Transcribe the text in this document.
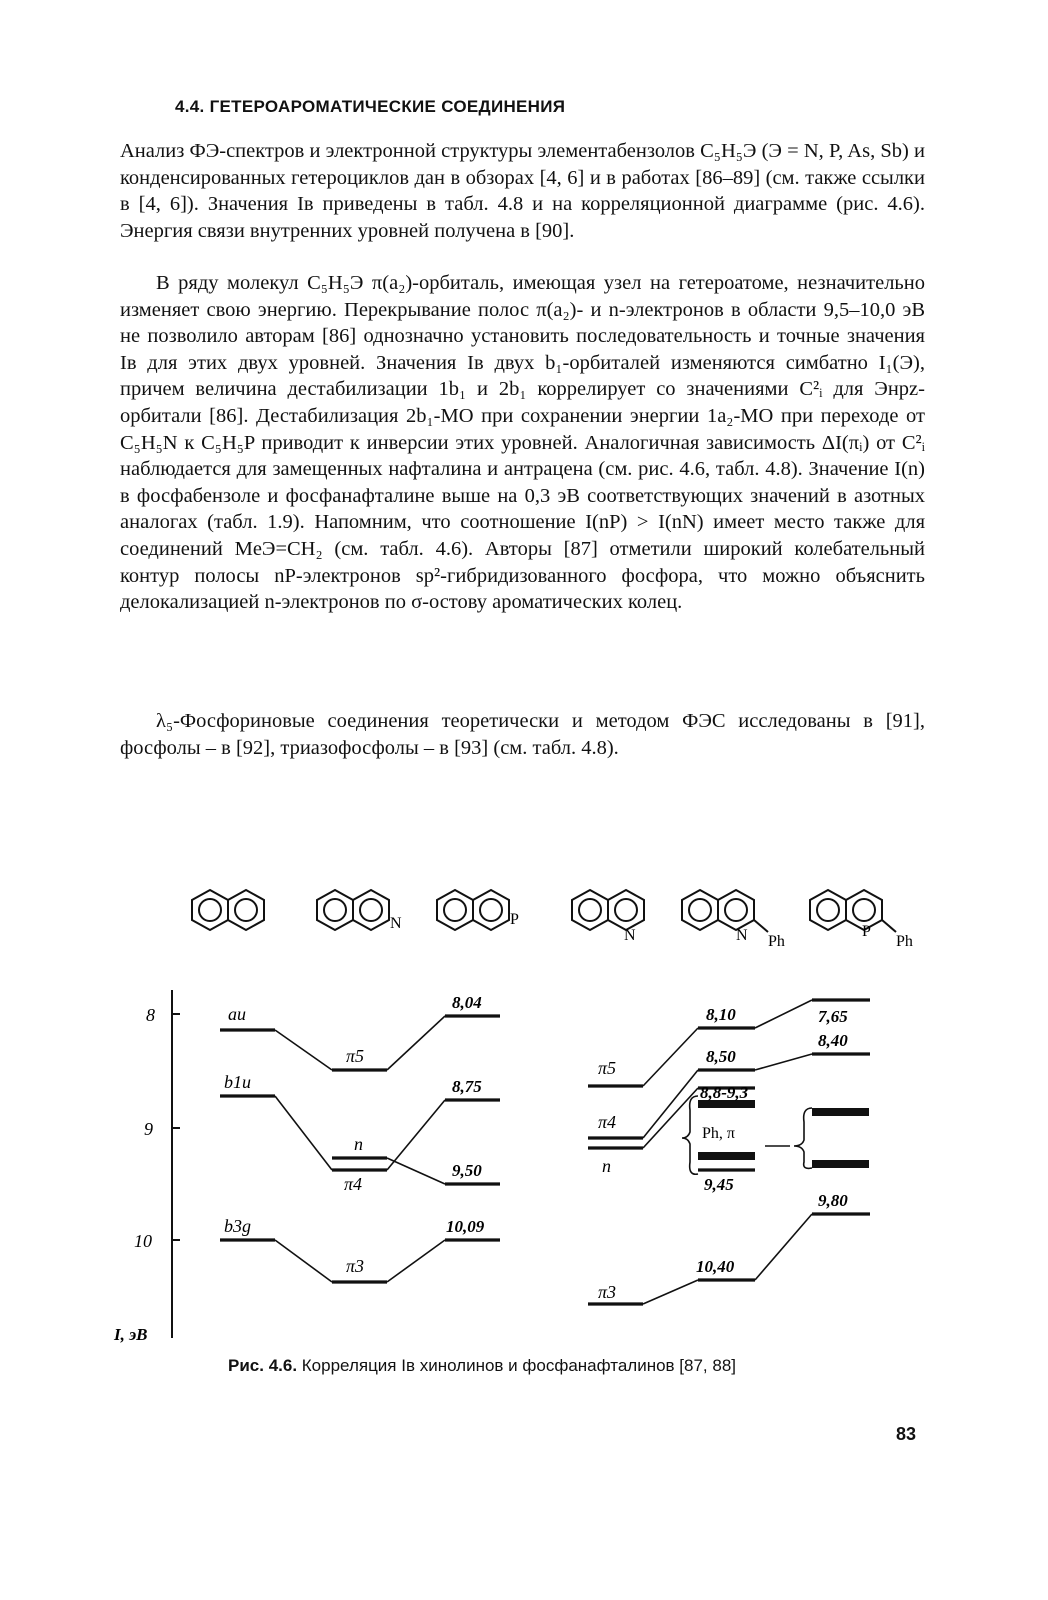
4.4. ГЕТЕРОАРОМАТИЧЕСКИЕ СОЕДИНЕНИЯ

Анализ ФЭ-спектров и электронной структуры элементабензолов C₅H₅Э (Э = N, P, As, Sb) и конденсированных гетероциклов дан в обзорах [4, 6] и в работах [86–89] (см. также ссылки в [4, 6]). Значения Iв приведены в табл. 4.8 и на корреляционной диаграмме (рис. 4.6). Энергия связи внутренних уровней получена в [90].

В ряду молекул C₅H₅Э π(a₂)-орбиталь, имеющая узел на гетероатоме, незначительно изменяет свою энергию. Перекрывание полос π(a₂)- и n-электронов в области 9,5–10,0 эВ не позволило авторам [86] однозначно установить последовательность и точные значения Iв для этих двух уровней. Значения Iв двух b₁-орбиталей изменяются симбатно I₁(Э), причем величина дестабилизации 1b₁ и 2b₁ коррелирует со значениями C²ᵢ для Энpz-орбитали [86]. Дестабилизация 2b₁-МО при сохранении энергии 1a₂-МО при переходе от C₅H₅N к C₅H₅P приводит к инверсии этих уровней. Аналогичная зависимость ΔI(πᵢ) от C²ᵢ наблюдается для замещенных нафталина и антрацена (см. рис. 4.6, табл. 4.8). Значение I(n) в фосфабензоле и фосфанафталине выше на 0,3 эВ соответствующих значений в азотных аналогах (табл. 1.9). Напомним, что соотношение I(nP) > I(nN) имеет место также для соединений MeЭ=CH₂ (см. табл. 4.6). Авторы [87] отметили широкий колебательный контур полосы nP-электронов sp²-гибридизованного фосфора, что можно объяснить делокализацией n-электронов по σ-остову ароматических колец.

λ₅-Фосфориновые соединения теоретически и методом ФЭС исследованы в [91], фосфолы – в [92], триазофосфолы – в [93] (см. табл. 4.8).

N	P
N	N Ph
P
Ph
8
9
10
I, эВ
au
b1u
b3g
π5
n
π4
π3
8,04
8,75
9,50
10,09
π5
π4
n
π3
8,10
8,50
8,8-9,3
9,45
10,40
7,65
8,40
9,80
Ph, π
Рис. 4.6. Корреляция Iв хинолинов и фосфанафталинов [87, 88]
83
